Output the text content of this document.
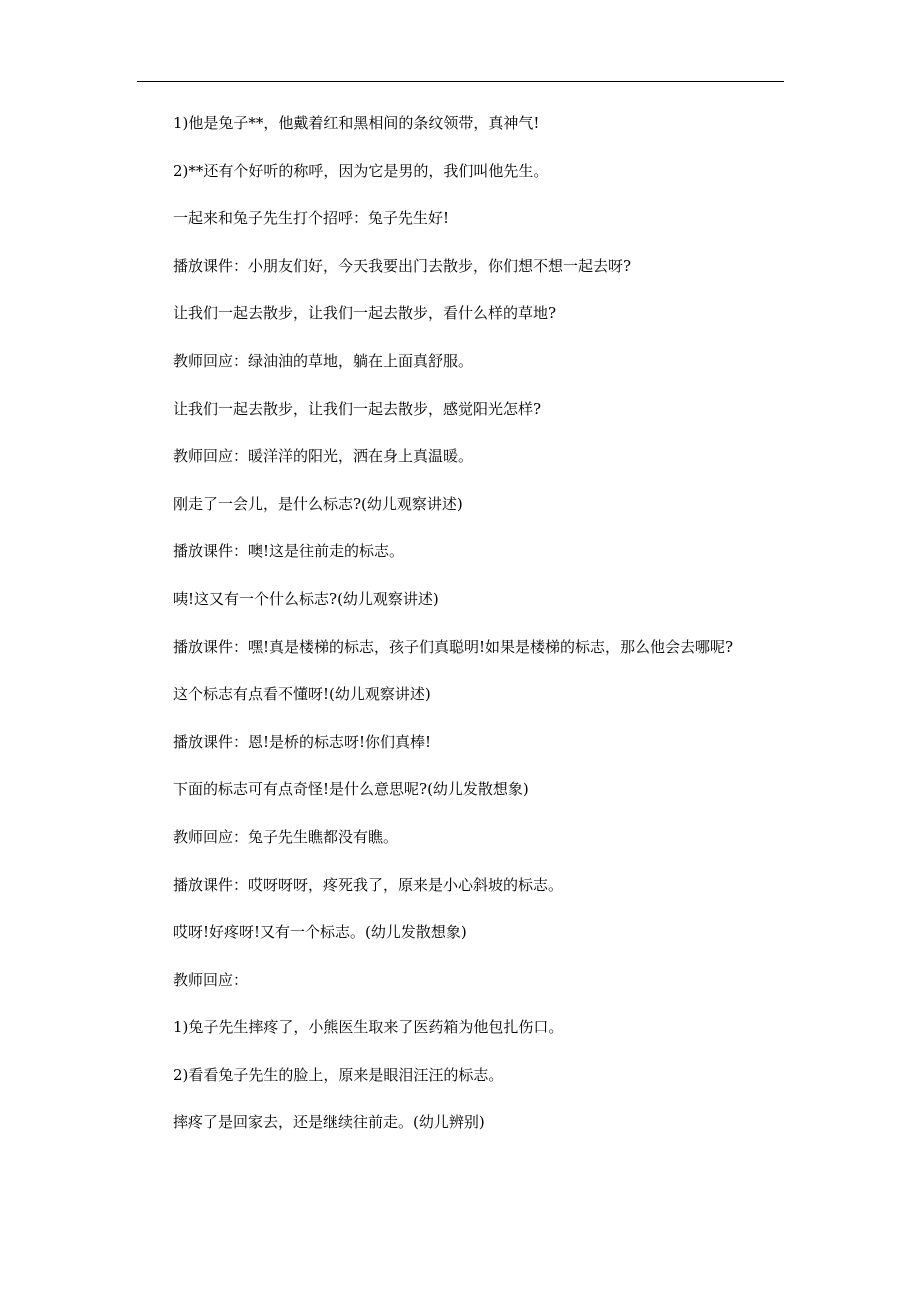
1)他是兔子**，他戴着红和黑相间的条纹领带，真神气!
2)**还有个好听的称呼，因为它是男的，我们叫他先生。
一起来和兔子先生打个招呼：兔子先生好!
播放课件：小朋友们好，今天我要出门去散步，你们想不想一起去呀?
让我们一起去散步，让我们一起去散步，看什么样的草地?
教师回应：绿油油的草地，躺在上面真舒服。
让我们一起去散步，让我们一起去散步，感觉阳光怎样?
教师回应：暖洋洋的阳光，洒在身上真温暖。
刚走了一会儿，是什么标志?(幼儿观察讲述)
播放课件：噢!这是往前走的标志。
咦!这又有一个什么标志?(幼儿观察讲述)
播放课件：嘿!真是楼梯的标志，孩子们真聪明!如果是楼梯的标志，那么他会去哪呢?
这个标志有点看不懂呀!(幼儿观察讲述)
播放课件：恩!是桥的标志呀!你们真棒!
下面的标志可有点奇怪!是什么意思呢?(幼儿发散想象)
教师回应：兔子先生瞧都没有瞧。
播放课件：哎呀呀呀，疼死我了，原来是小心斜坡的标志。
哎呀!好疼呀!又有一个标志。(幼儿发散想象)
教师回应：
1)兔子先生摔疼了，小熊医生取来了医药箱为他包扎伤口。
2)看看兔子先生的脸上，原来是眼泪汪汪的标志。
摔疼了是回家去，还是继续往前走。(幼儿辨别)
